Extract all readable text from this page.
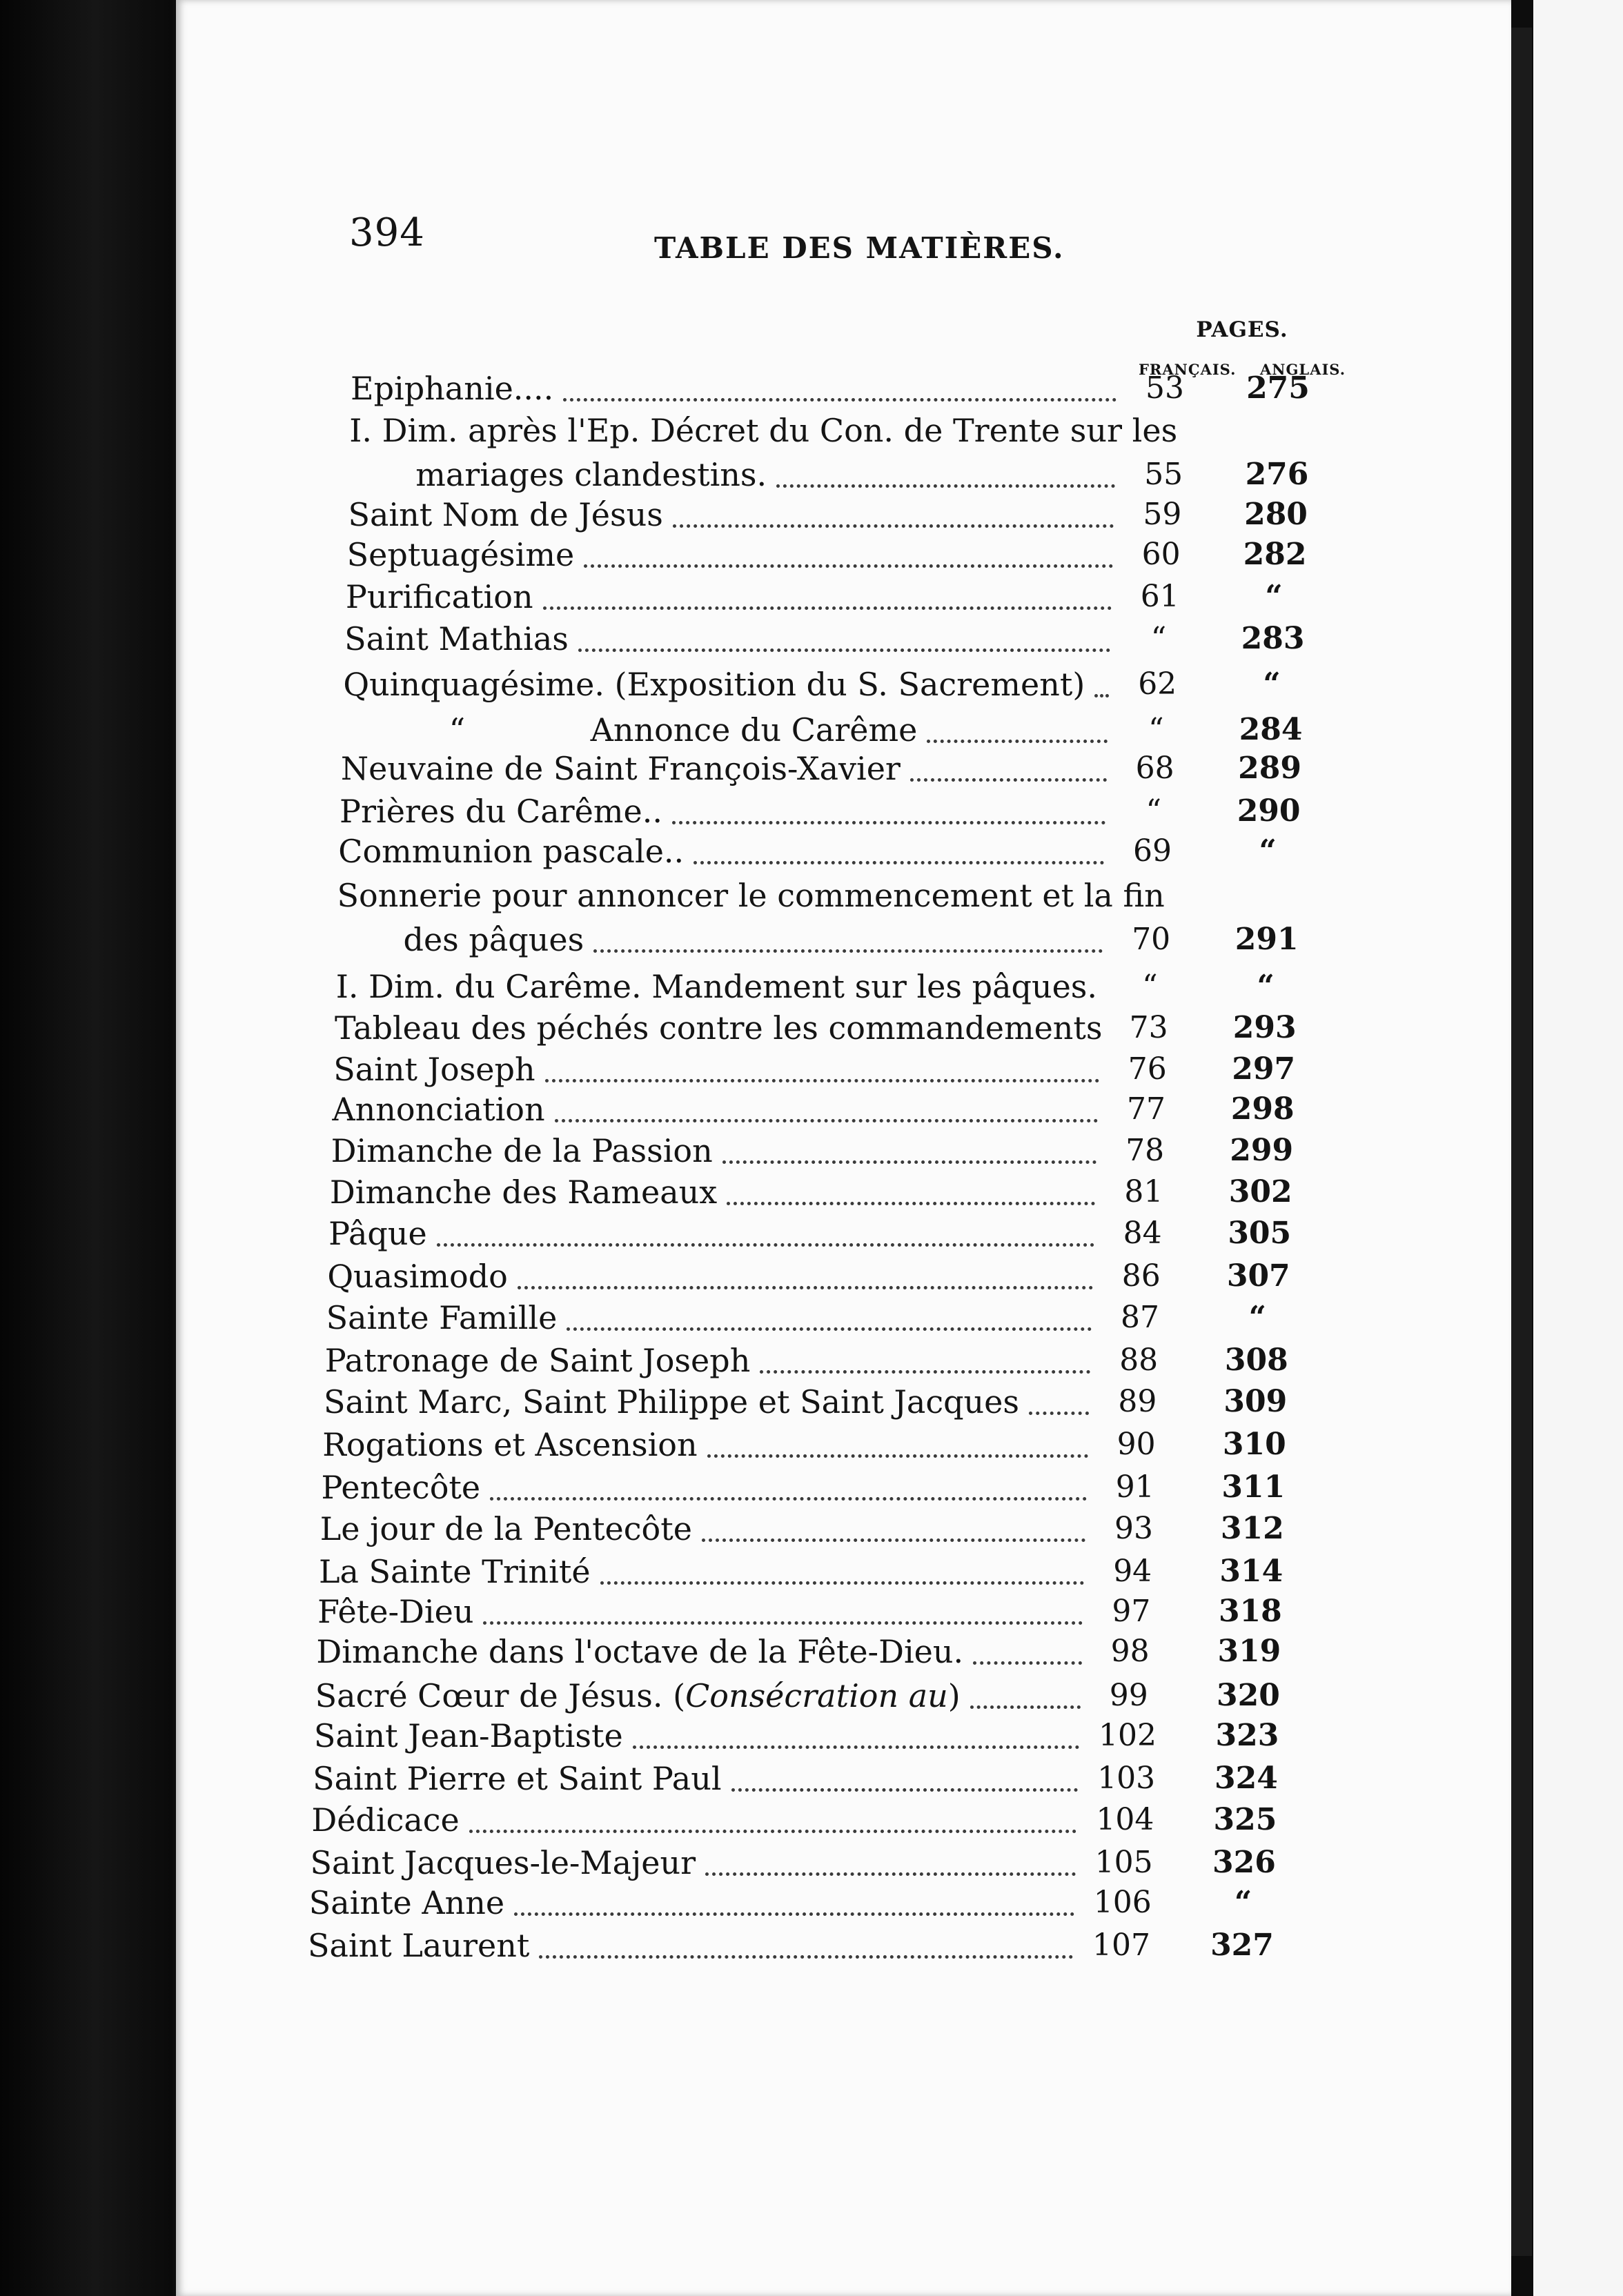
394	TABLE DES MATIÈRES.
PAGES.
FRANÇAIS. ANGLAIS.
Epiphanie....	53	275
I. Dim. après l'Ep. Décret du Con. de Trente sur les
mariages clandestins.	55	276
Saint Nom de Jésus	59	280
Septuagésime	60	282
Purification	61	“
Saint Mathias	“	283
Quinquagésime. (Exposition du S. Sacrement)	62	“
“	Annonce du Carême	“	284
Neuvaine de Saint François-Xavier	68	289
Prières du Carême..	“	290
Communion pascale..	69	“
Sonnerie pour annoncer le commencement et la fin
des pâques	70	291
I. Dim. du Carême. Mandement sur les pâques.	“	“
Tableau des péchés contre les commandements 73	293
Saint Joseph	76	297
Annonciation	77	298
Dimanche de la Passion	78	299
Dimanche des Rameaux	81	302
Pâque	84	305
Quasimodo	86	307
Sainte Famille	87	“
Patronage de Saint Joseph	88	308
Saint Marc, Saint Philippe et Saint Jacques	89	309
Rogations et Ascension	90	310
Pentecôte	91	311
Le jour de la Pentecôte	93	312
La Sainte Trinité	94	314
Fête-Dieu	97	318
Dimanche dans l'octave de la Fête-Dieu.	98	319
Sacré Cœur de Jésus. (Consécration au)	99	320
Saint Jean-Baptiste	102 323
Saint Pierre et Saint Paul	103 324
Dédicace	104 325
Saint Jacques-le-Majeur	105 326
Sainte Anne	106	“
Saint Laurent	107 327
